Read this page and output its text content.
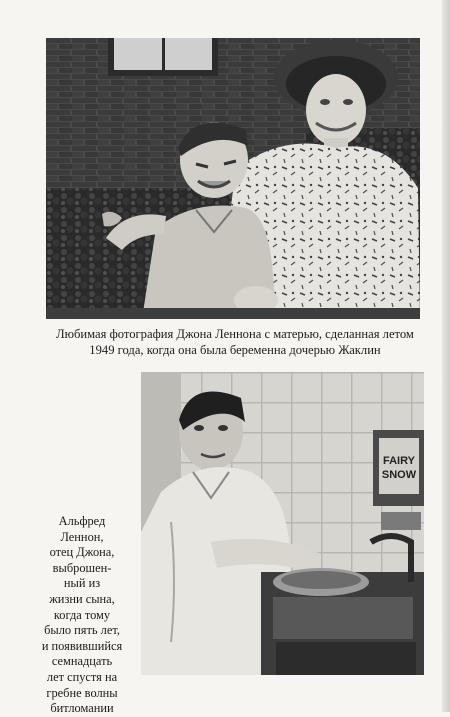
Любимая фотография Джона Леннона с матерью, сделанная летом
1949 года, когда она была беременна дочерью Жаклин

FAIRY
SNOW

Альфред
Леннон,
отец Джона,
выброшен-
ный из
жизни сына,
когда тому
было пять лет,
и появившийся
семнадцать
лет спустя на
гребне волны
битломании
